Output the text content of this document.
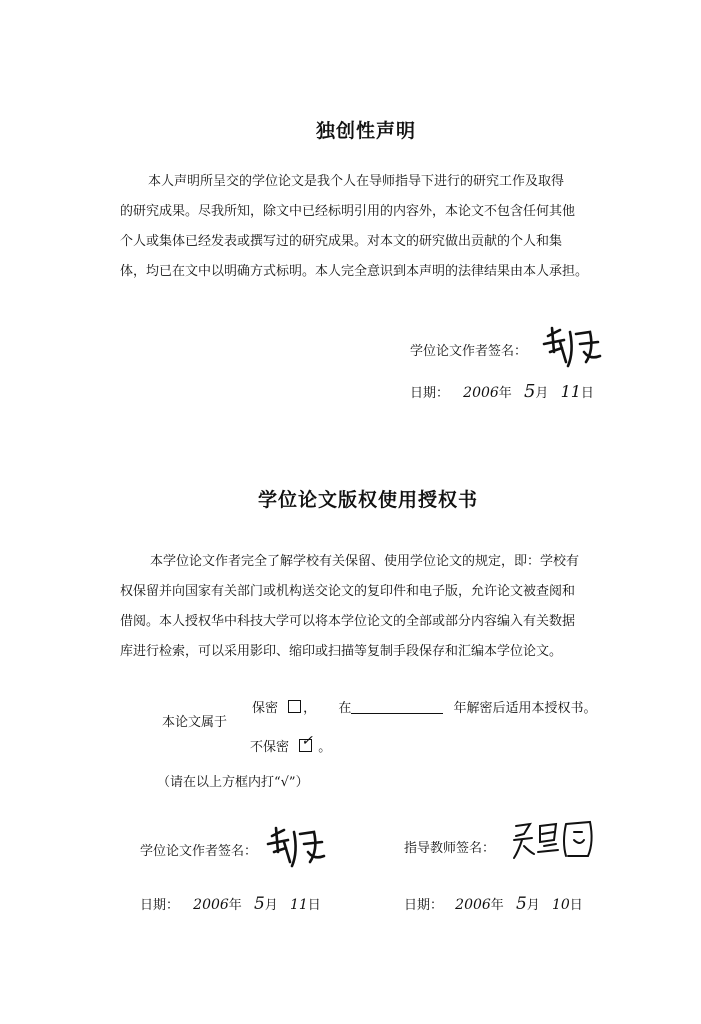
独创性声明
本人声明所呈交的学位论文是我个人在导师指导下进行的研究工作及取得
的研究成果。尽我所知，除文中已经标明引用的内容外，本论文不包含任何其他
个人或集体已经发表或撰写过的研究成果。对本文的研究做出贡献的个人和集
体，均已在文中以明确方式标明。本人完全意识到本声明的法律结果由本人承担。
学位论文作者签名：
日期： 2006年 5月 11日
学位论文版权使用授权书
本学位论文作者完全了解学校有关保留、使用学位论文的规定，即：学校有
权保留并向国家有关部门或机构送交论文的复印件和电子版，允许论文被查阅和
借阅。本人授权华中科技大学可以将本学位论文的全部或部分内容编入有关数据
库进行检索，可以采用影印、缩印或扫描等复制手段保存和汇编本学位论文。
本论文属于
保密 ， 在	年解密后适用本授权书。
不保密 ✓ 。
（请在以上方框内打“√”）
学位论文作者签名：	指导教师签名：
日期： 2006年 5月 11日	日期： 2006年 5月 10日
